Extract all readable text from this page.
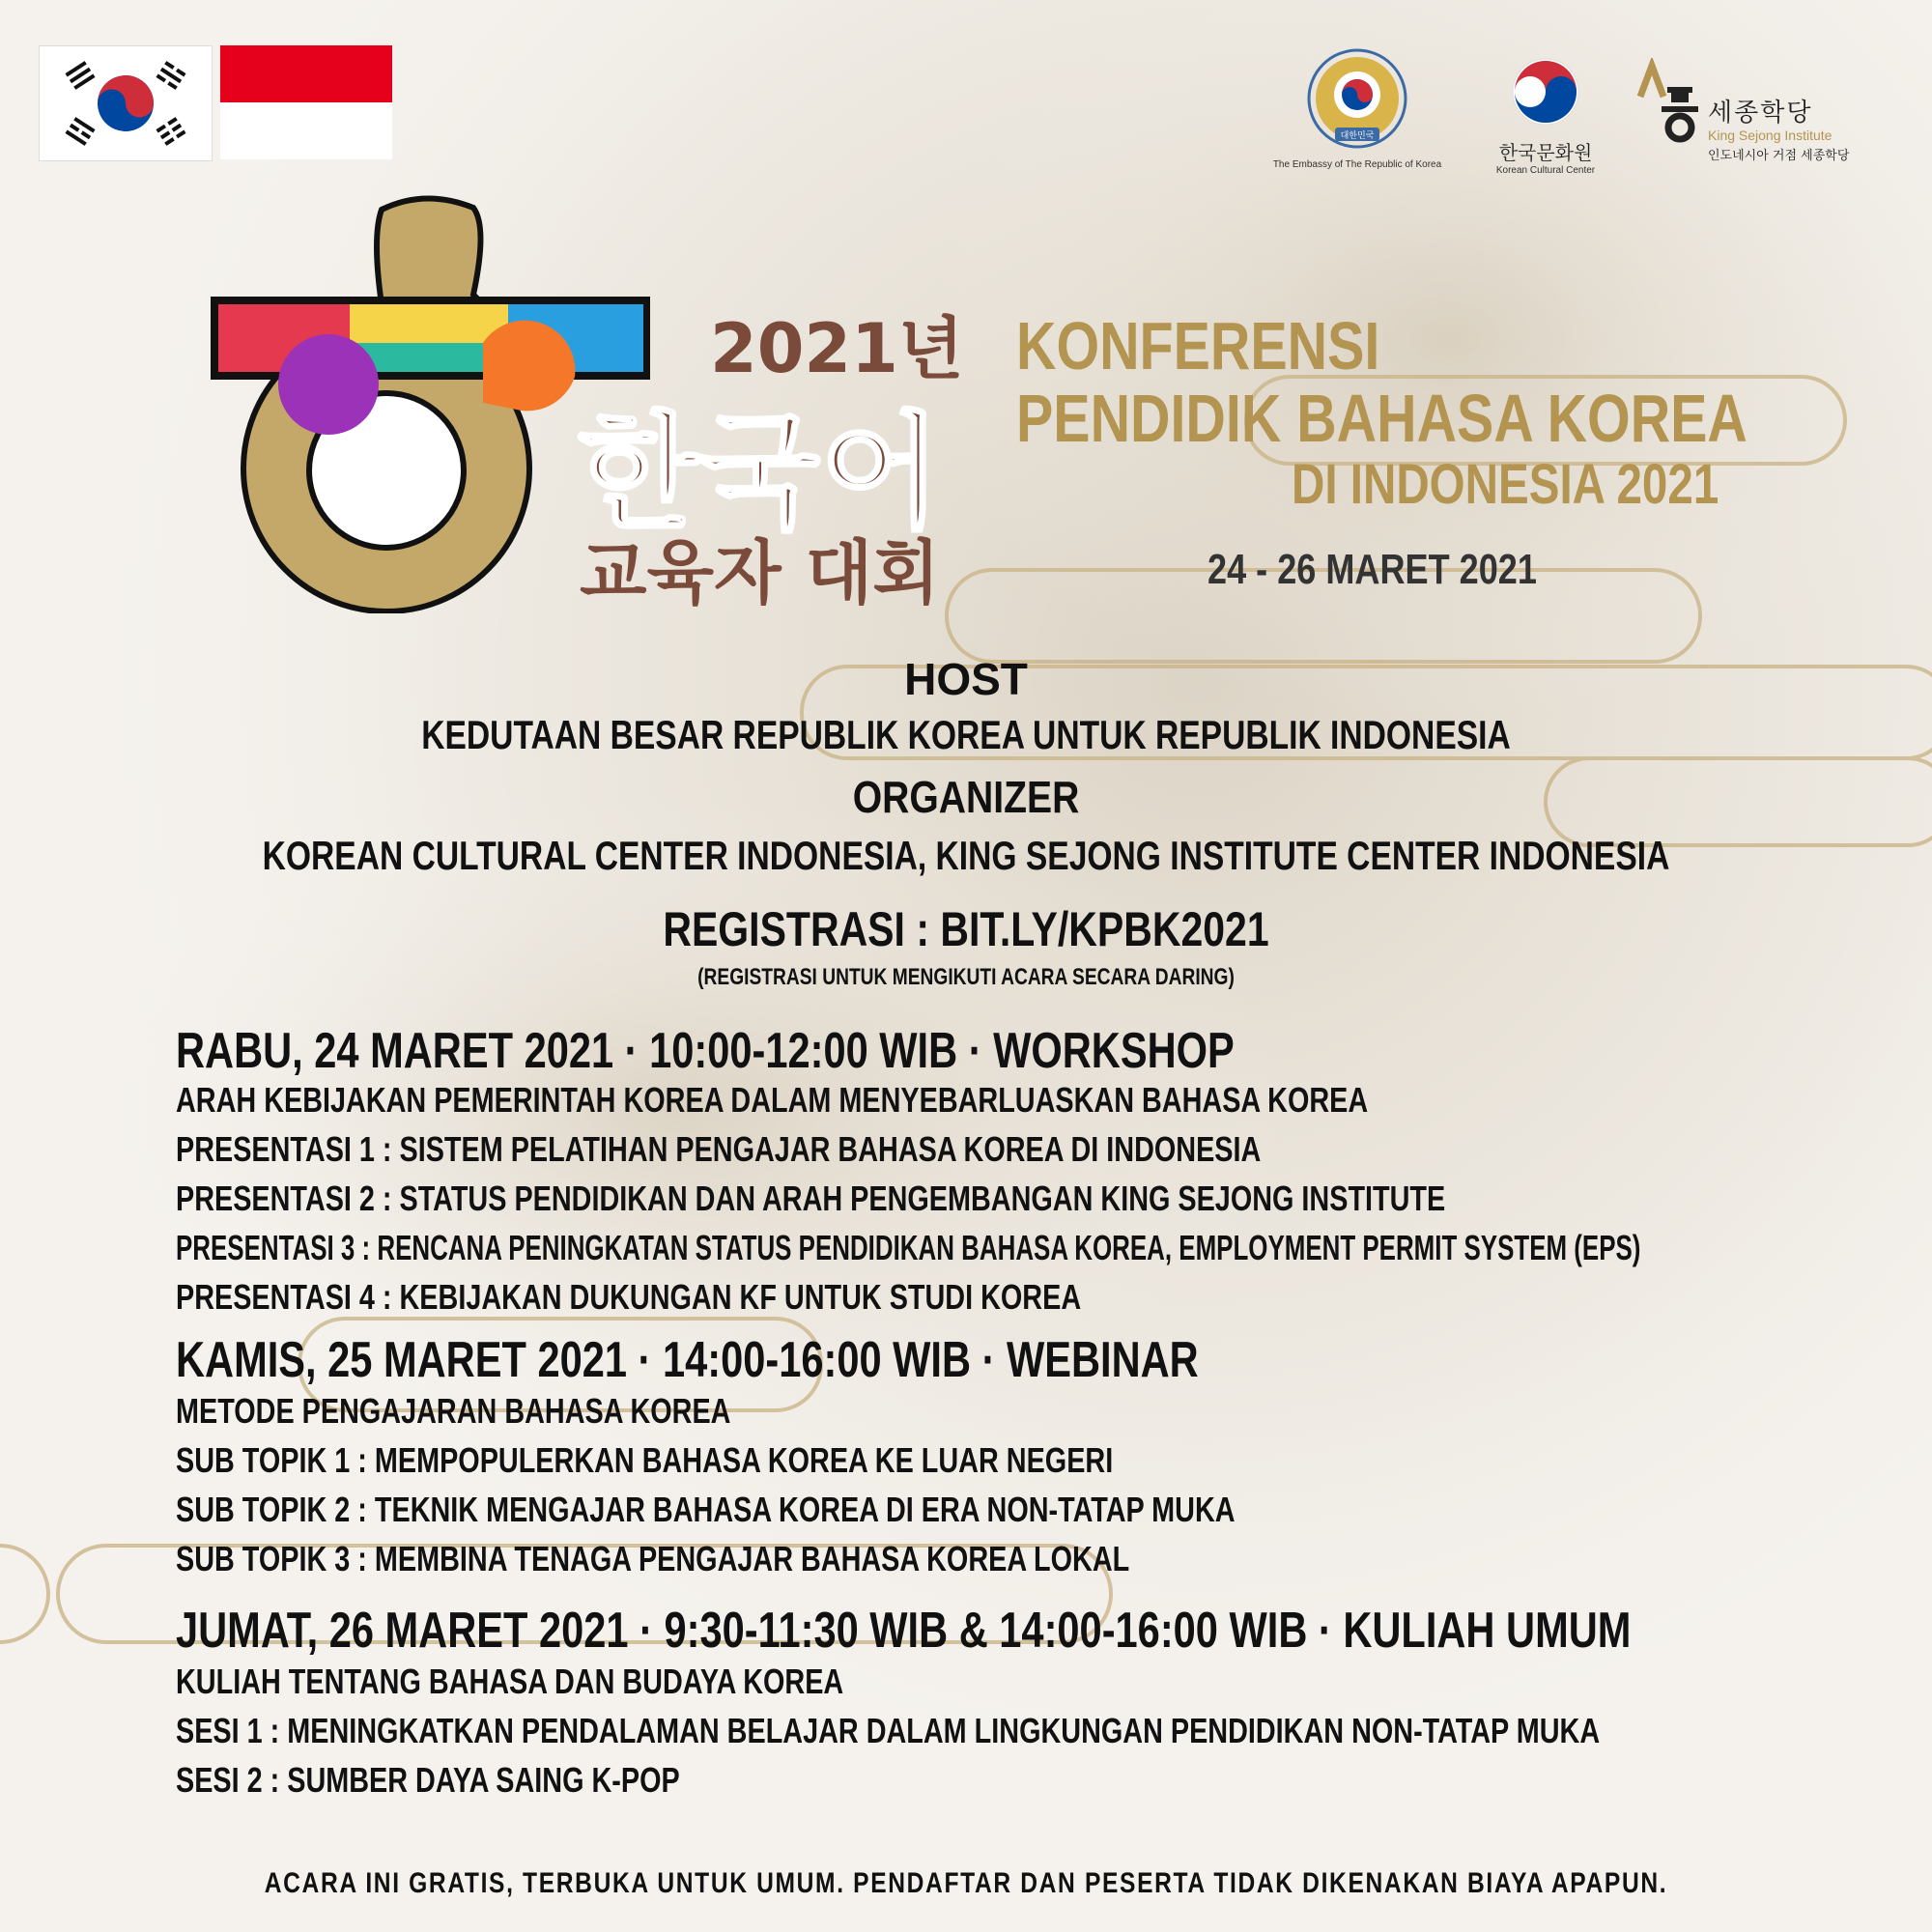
대한민국
The Embassy of The Republic of Korea
한국문화원
Korean Cultural Center
세종학당
King Sejong Institute
인도네시아 거점 세종학당
2021년
한국어
교육자 대회
KONFERENSI
PENDIDIK BAHASA KOREA
DI INDONESIA 2021
24 - 26 MARET 2021
HOST
KEDUTAAN BESAR REPUBLIK KOREA UNTUK REPUBLIK INDONESIA
ORGANIZER
KOREAN CULTURAL CENTER INDONESIA, KING SEJONG INSTITUTE CENTER INDONESIA
REGISTRASI : BIT.LY/KPBK2021
(REGISTRASI UNTUK MENGIKUTI ACARA SECARA DARING)
RABU, 24 MARET 2021 · 10:00-12:00 WIB · WORKSHOP
ARAH KEBIJAKAN PEMERINTAH KOREA DALAM MENYEBARLUASKAN BAHASA KOREA
PRESENTASI 1 : SISTEM PELATIHAN PENGAJAR BAHASA KOREA DI INDONESIA
PRESENTASI 2 : STATUS PENDIDIKAN DAN ARAH PENGEMBANGAN KING SEJONG INSTITUTE
PRESENTASI 3 : RENCANA PENINGKATAN STATUS PENDIDIKAN BAHASA KOREA, EMPLOYMENT PERMIT SYSTEM (EPS)
PRESENTASI 4 : KEBIJAKAN DUKUNGAN KF UNTUK STUDI KOREA
KAMIS, 25 MARET 2021 · 14:00-16:00 WIB · WEBINAR
METODE PENGAJARAN BAHASA KOREA
SUB TOPIK 1 : MEMPOPULERKAN BAHASA KOREA KE LUAR NEGERI
SUB TOPIK 2 : TEKNIK MENGAJAR BAHASA KOREA DI ERA NON-TATAP MUKA
SUB TOPIK 3 : MEMBINA TENAGA PENGAJAR BAHASA KOREA LOKAL
JUMAT, 26 MARET 2021 · 9:30-11:30 WIB & 14:00-16:00 WIB · KULIAH UMUM
KULIAH TENTANG BAHASA DAN BUDAYA KOREA
SESI 1 : MENINGKATKAN PENDALAMAN BELAJAR DALAM LINGKUNGAN PENDIDIKAN NON-TATAP MUKA
SESI 2 : SUMBER DAYA SAING K-POP
ACARA INI GRATIS, TERBUKA UNTUK UMUM. PENDAFTAR DAN PESERTA TIDAK DIKENAKAN BIAYA APAPUN.
